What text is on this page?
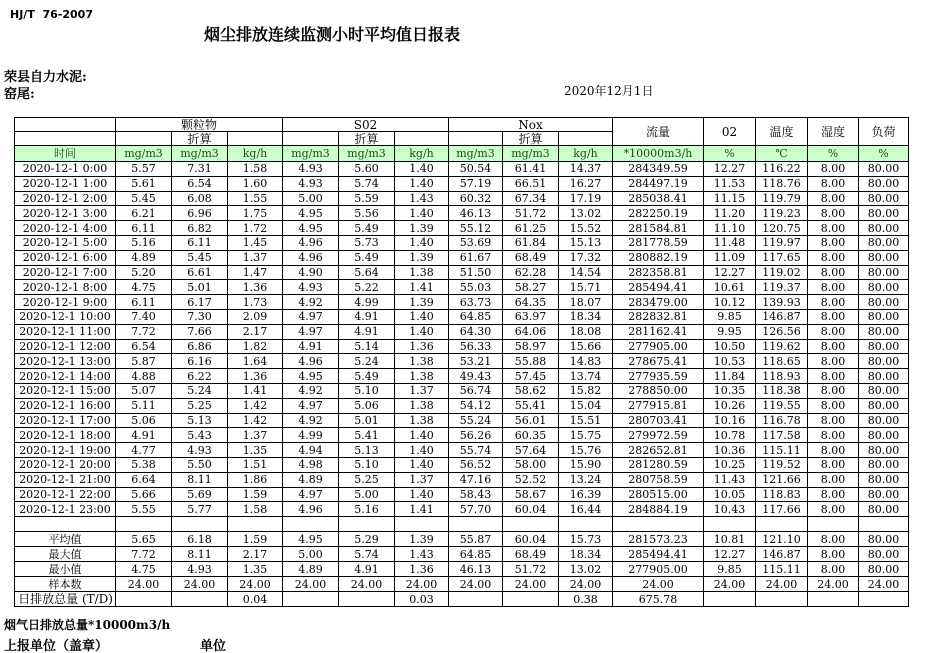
HJ/T  76-2007
烟尘排放连续监测小时平均值日报表
荣县自力水泥:
窑尾:	2020年12月1日
	颗粒物			S02			Nox			流量	02	温度	湿度	负荷
		折算			折算			折算						
时间	mg/m3	mg/m3	kg/h	mg/m3	mg/m3	kg/h	mg/m3	mg/m3	kg/h	*10000m3/h	%	℃	%	%
2020-12-1 0:00	5.57	7.31	1.58	4.93	5.60	1.40	50.54	61.41	14.37	284349.59	12.27	116.22	8.00	80.00
2020-12-1 1:00	5.61	6.54	1.60	4.93	5.74	1.40	57.19	66.51	16.27	284497.19	11.53	118.76	8.00	80.00
2020-12-1 2:00	5.45	6.08	1.55	5.00	5.59	1.43	60.32	67.34	17.19	285038.41	11.15	119.79	8.00	80.00
2020-12-1 3:00	6.21	6.96	1.75	4.95	5.56	1.40	46.13	51.72	13.02	282250.19	11.20	119.23	8.00	80.00
2020-12-1 4:00	6.11	6.82	1.72	4.95	5.49	1.39	55.12	61.25	15.52	281584.81	11.10	120.75	8.00	80.00
2020-12-1 5:00	5.16	6.11	1.45	4.96	5.73	1.40	53.69	61.84	15.13	281778.59	11.48	119.97	8.00	80.00
2020-12-1 6:00	4.89	5.45	1.37	4.96	5.49	1.39	61.67	68.49	17.32	280882.19	11.09	117.65	8.00	80.00
2020-12-1 7:00	5.20	6.61	1.47	4.90	5.64	1.38	51.50	62.28	14.54	282358.81	12.27	119.02	8.00	80.00
2020-12-1 8:00	4.75	5.01	1.36	4.93	5.22	1.41	55.03	58.27	15.71	285494.41	10.61	119.37	8.00	80.00
2020-12-1 9:00	6.11	6.17	1.73	4.92	4.99	1.39	63.73	64.35	18.07	283479.00	10.12	139.93	8.00	80.00
2020-12-1 10:00	7.40	7.30	2.09	4.97	4.91	1.40	64.85	63.97	18.34	282832.81	9.85	146.87	8.00	80.00
2020-12-1 11:00	7.72	7.66	2.17	4.97	4.91	1.40	64.30	64.06	18.08	281162.41	9.95	126.56	8.00	80.00
2020-12-1 12:00	6.54	6.86	1.82	4.91	5.14	1.36	56.33	58.97	15.66	277905.00	10.50	119.62	8.00	80.00
2020-12-1 13:00	5.87	6.16	1.64	4.96	5.24	1.38	53.21	55.88	14.83	278675.41	10.53	118.65	8.00	80.00
2020-12-1 14:00	4.88	6.22	1.36	4.95	5.49	1.38	49.43	57.45	13.74	277935.59	11.84	118.93	8.00	80.00
2020-12-1 15:00	5.07	5.24	1.41	4.92	5.10	1.37	56.74	58.62	15.82	278850.00	10.35	118.38	8.00	80.00
2020-12-1 16:00	5.11	5.25	1.42	4.97	5.06	1.38	54.12	55.41	15.04	277915.81	10.26	119.55	8.00	80.00
2020-12-1 17:00	5.06	5.13	1.42	4.92	5.01	1.38	55.24	56.01	15.51	280703.41	10.16	116.78	8.00	80.00
2020-12-1 18:00	4.91	5.43	1.37	4.99	5.41	1.40	56.26	60.35	15.75	279972.59	10.78	117.58	8.00	80.00
2020-12-1 19:00	4.77	4.93	1.35	4.94	5.13	1.40	55.74	57.64	15.76	282652.81	10.36	115.11	8.00	80.00
2020-12-1 20:00	5.38	5.50	1.51	4.98	5.10	1.40	56.52	58.00	15.90	281280.59	10.25	119.52	8.00	80.00
2020-12-1 21:00	6.64	8.11	1.86	4.89	5.25	1.37	47.16	52.52	13.24	280758.59	11.43	121.66	8.00	80.00
2020-12-1 22:00	5.66	5.69	1.59	4.97	5.00	1.40	58.43	58.67	16.39	280515.00	10.05	118.83	8.00	80.00
2020-12-1 23:00	5.55	5.77	1.58	4.96	5.16	1.41	57.70	60.04	16.44	284884.19	10.43	117.66	8.00	80.00

平均值	5.65	6.18	1.59	4.95	5.29	1.39	55.87	60.04	15.73	281573.23	10.81	121.10	8.00	80.00
最大值	7.72	8.11	2.17	5.00	5.74	1.43	64.85	68.49	18.34	285494.41	12.27	146.87	8.00	80.00
最小值	4.75	4.93	1.35	4.89	4.91	1.36	46.13	51.72	13.02	277905.00	9.85	115.11	8.00	80.00
样本数	24.00	24.00	24.00	24.00	24.00	24.00	24.00	24.00	24.00	24.00	24.00	24.00	24.00	24.00

日排放总量 (T/D)			0.04			0.03			0.38	675.78				
烟气日排放总量*10000m3/h
上报单位（盖章）	单位
